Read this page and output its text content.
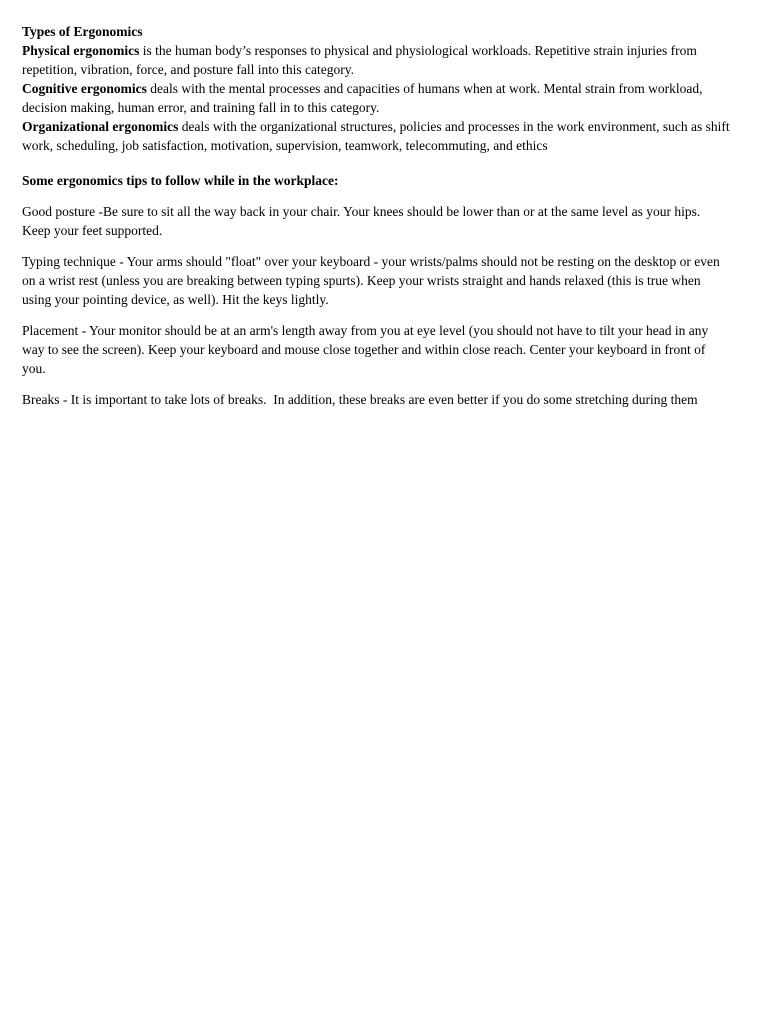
Types of Ergonomics

Physical ergonomics is the human body’s responses to physical and physiological workloads. Repetitive strain injuries from repetition, vibration, force, and posture fall into this category.

Cognitive ergonomics deals with the mental processes and capacities of humans when at work. Mental strain from workload, decision making, human error, and training fall in to this category.

Organizational ergonomics deals with the organizational structures, policies and processes in the work environment, such as shift work, scheduling, job satisfaction, motivation, supervision, teamwork, telecommuting, and ethics

Some ergonomics tips to follow while in the workplace:

Good posture -Be sure to sit all the way back in your chair. Your knees should be lower than or at the same level as your hips. Keep your feet supported.

Typing technique - Your arms should "float" over your keyboard - your wrists/palms should not be resting on the desktop or even on a wrist rest (unless you are breaking between typing spurts). Keep your wrists straight and hands relaxed (this is true when using your pointing device, as well). Hit the keys lightly.

Placement - Your monitor should be at an arm's length away from you at eye level (you should not have to tilt your head in any way to see the screen). Keep your keyboard and mouse close together and within close reach. Center your keyboard in front of you.

Breaks - It is important to take lots of breaks.  In addition, these breaks are even better if you do some stretching during them
